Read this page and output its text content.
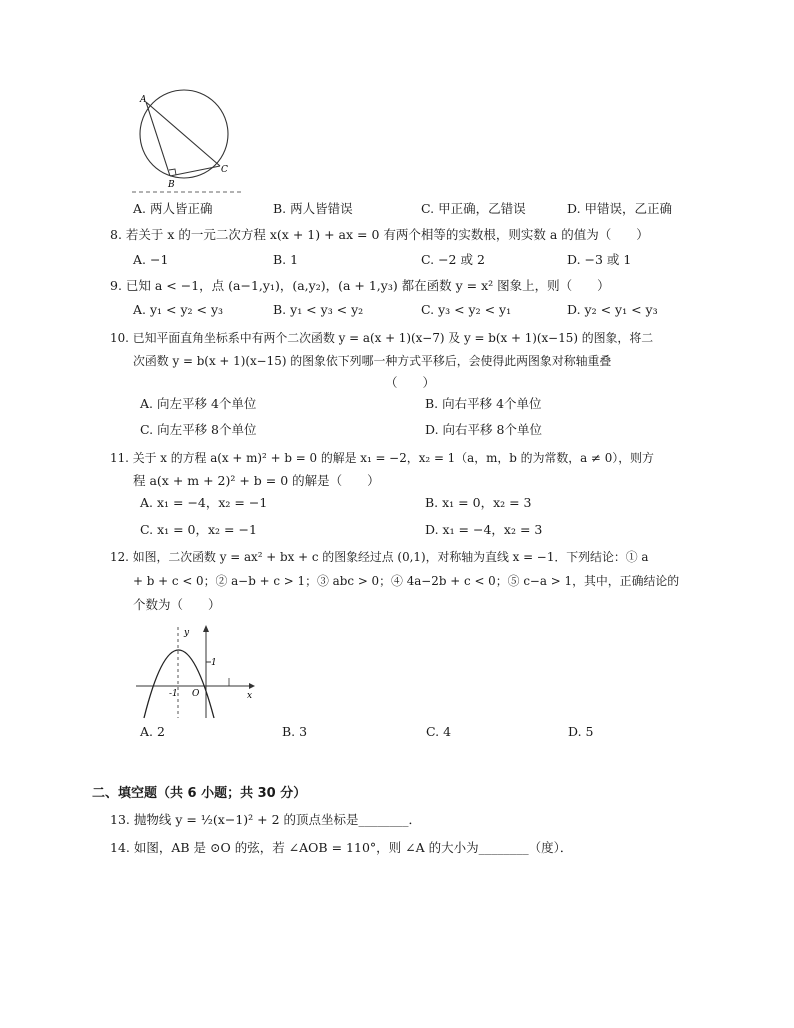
A
B
C
A. 两人皆正确	B. 两人皆错误	C. 甲正确，乙错误	D. 甲错误，乙正确
8. 若关于 x 的一元二次方程 x(x + 1) + ax = 0 有两个相等的实数根，则实数 a 的值为（　　）
A. −1	B. 1	C. −2 或 2	D. −3 或 1
9. 已知 a < −1，点 (a−1,y₁)，(a,y₂)，(a + 1,y₃) 都在函数 y = x² 图象上，则（　　）
A. y₁ < y₂ < y₃	B. y₁ < y₃ < y₂	C. y₃ < y₂ < y₁	D. y₂ < y₁ < y₃
10. 已知平面直角坐标系中有两个二次函数 y = a(x + 1)(x−7) 及 y = b(x + 1)(x−15) 的图象，将二
次函数 y = b(x + 1)(x−15) 的图象依下列哪一种方式平移后，会使得此两图象对称轴重叠
（　　）
A. 向左平移 4个单位	B. 向右平移 4个单位
C. 向左平移 8个单位	D. 向右平移 8个单位
11. 关于 x 的方程 a(x + m)² + b = 0 的解是 x₁ = −2，x₂ = 1（a，m，b 的为常数，a ≠ 0），则方
程 a(x + m + 2)² + b = 0 的解是（　　）
A. x₁ = −4，x₂ = −1	B. x₁ = 0，x₂ = 3
C. x₁ = 0，x₂ = −1	D. x₁ = −4，x₂ = 3
12. 如图，二次函数 y = ax² + bx + c 的图象经过点 (0,1)，对称轴为直线 x = −1．下列结论：① a
+ b + c < 0；② a−b + c > 1；③ abc > 0；④ 4a−2b + c < 0；⑤ c−a > 1，其中，正确结论的
个数为（　　）
y
1
-1 O	x
A. 2	B. 3	C. 4	D. 5
二、填空题（共 6 小题；共 30 分）
13. 抛物线 y = ½(x−1)² + 2 的顶点坐标是________．
14. 如图，AB 是 ⊙O 的弦，若 ∠AOB = 110°，则 ∠A 的大小为________（度）．
